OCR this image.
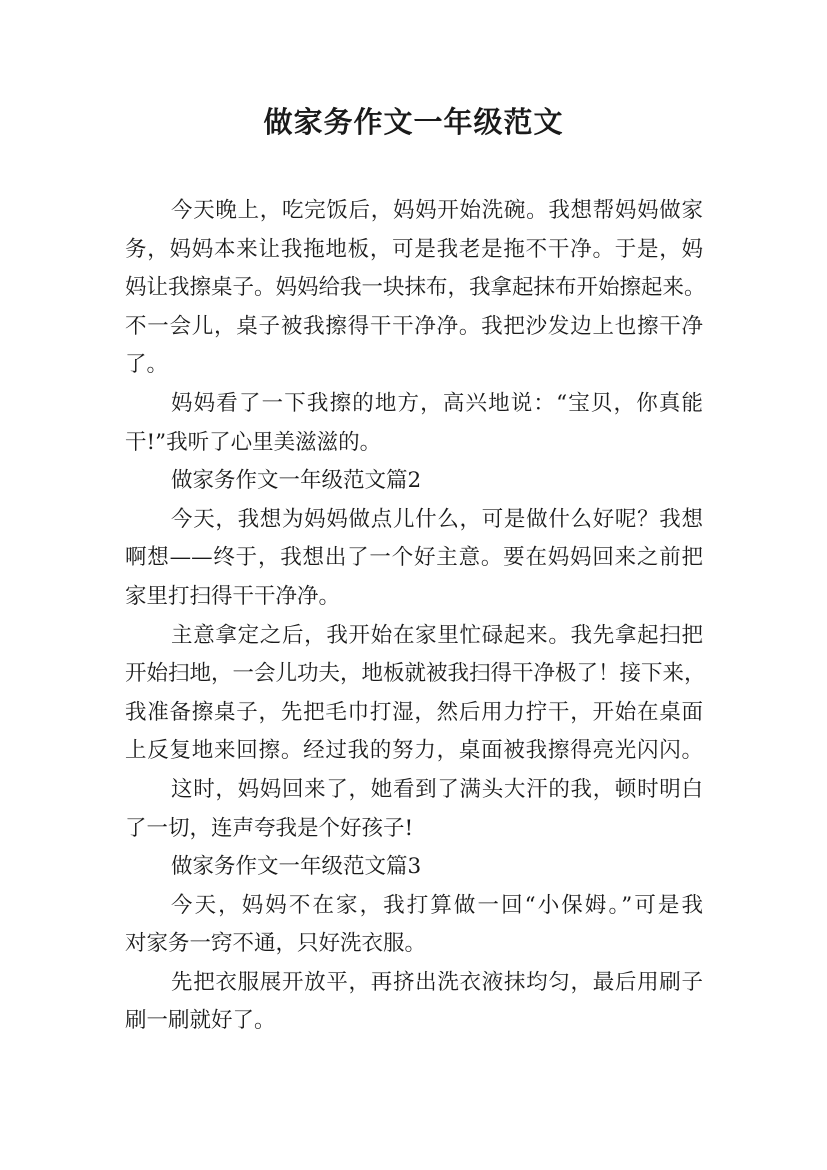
做家务作文一年级范文
今天晚上，吃完饭后，妈妈开始洗碗。我想帮妈妈做家
务，妈妈本来让我拖地板，可是我老是拖不干净。于是，妈
妈让我擦桌子。妈妈给我一块抹布，我拿起抹布开始擦起来。
不一会儿，桌子被我擦得干干净净。我把沙发边上也擦干净
了。
妈妈看了一下我擦的地方，高兴地说：“宝贝，你真能
干!”我听了心里美滋滋的。
做家务作文一年级范文篇2
今天，我想为妈妈做点儿什么，可是做什么好呢？我想
啊想——终于，我想出了一个好主意。要在妈妈回来之前把
家里打扫得干干净净。
主意拿定之后，我开始在家里忙碌起来。我先拿起扫把
开始扫地，一会儿功夫，地板就被我扫得干净极了！接下来，
我准备擦桌子，先把毛巾打湿，然后用力拧干，开始在桌面
上反复地来回擦。经过我的努力，桌面被我擦得亮光闪闪。
这时，妈妈回来了，她看到了满头大汗的我，顿时明白
了一切，连声夸我是个好孩子!
做家务作文一年级范文篇3
今天，妈妈不在家，我打算做一回“小保姆。”可是我
对家务一窍不通，只好洗衣服。
先把衣服展开放平，再挤出洗衣液抹均匀，最后用刷子
刷一刷就好了。
